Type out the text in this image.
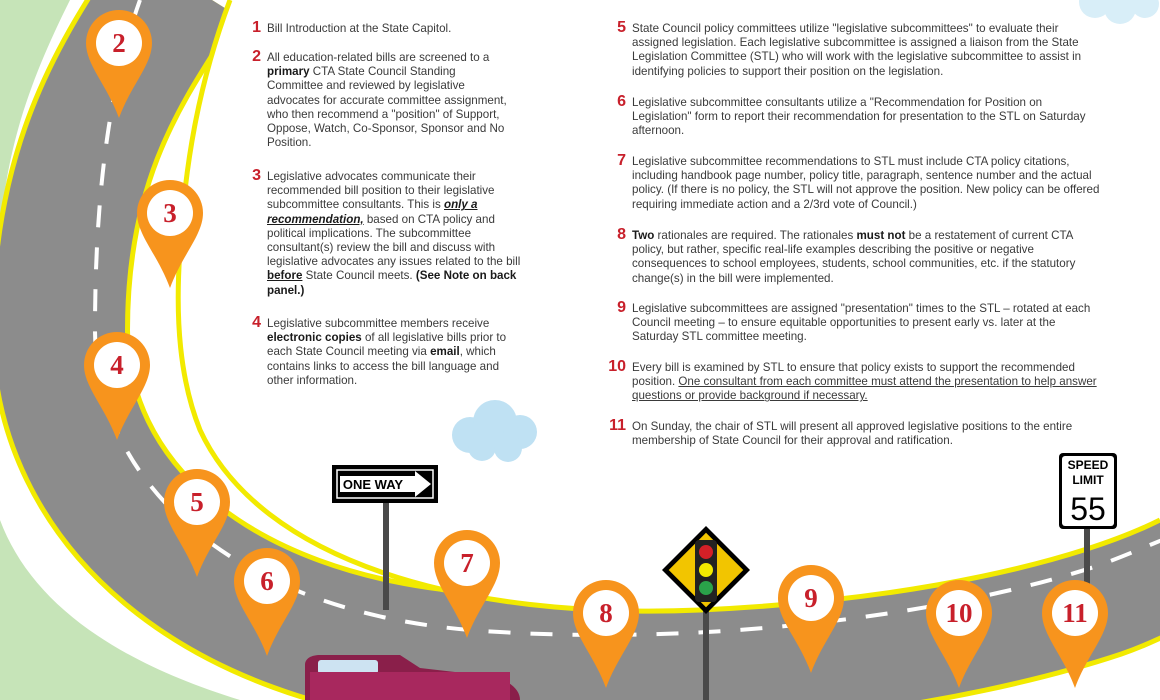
ONE WAY
SPEED
LIMIT
55
2
3
4
5
6
7
8	9	10	11
1 Bill Introduction at the State Capitol.
2 All education-related bills are screened to a primary CTA State Council Standing Committee and reviewed by legislative advocates for accurate committee assignment, who then recommend a "position" of Support, Oppose, Watch, Co-Sponsor, Sponsor and No Position.
3 Legislative advocates communicate their recommended bill position to their legislative subcommittee consultants. This is only a recommendation, based on CTA policy and political implications. The subcommittee consultant(s) review the bill and discuss with legislative advocates any issues related to the bill before State Council meets. (See Note on back panel.)
4 Legislative subcommittee members receive electronic copies of all legislative bills prior to each State Council meeting via email, which contains links to access the bill language and other information.
5 State Council policy committees utilize "legislative subcommittees" to evaluate their assigned legislation. Each legislative subcommittee is assigned a liaison from the State Legislation Committee (STL) who will work with the legislative subcommittee to assist in identifying policies to support their position on the legislation.
6 Legislative subcommittee consultants utilize a "Recommendation for Position on Legislation" form to report their recommendation for presentation to the STL on Saturday afternoon.
7 Legislative subcommittee recommendations to STL must include CTA policy citations, including handbook page number, policy title, paragraph, sentence number and the actual policy. (If there is no policy, the STL will not approve the position. New policy can be offered requiring immediate action and a 2/3rd vote of Council.)
8 Two rationales are required. The rationales must not be a restatement of current CTA policy, but rather, specific real-life examples describing the positive or negative consequences to school employees, students, school communities, etc. if the statutory change(s) in the bill were implemented.
9 Legislative subcommittees are assigned "presentation" times to the STL – rotated at each Council meeting – to ensure equitable opportunities to present early vs. later at the Saturday STL committee meeting.
10 Every bill is examined by STL to ensure that policy exists to support the recommended position. One consultant from each committee must attend the presentation to help answer questions or provide background if necessary.
11 On Sunday, the chair of STL will present all approved legislative positions to the entire membership of State Council for their approval and ratification.
